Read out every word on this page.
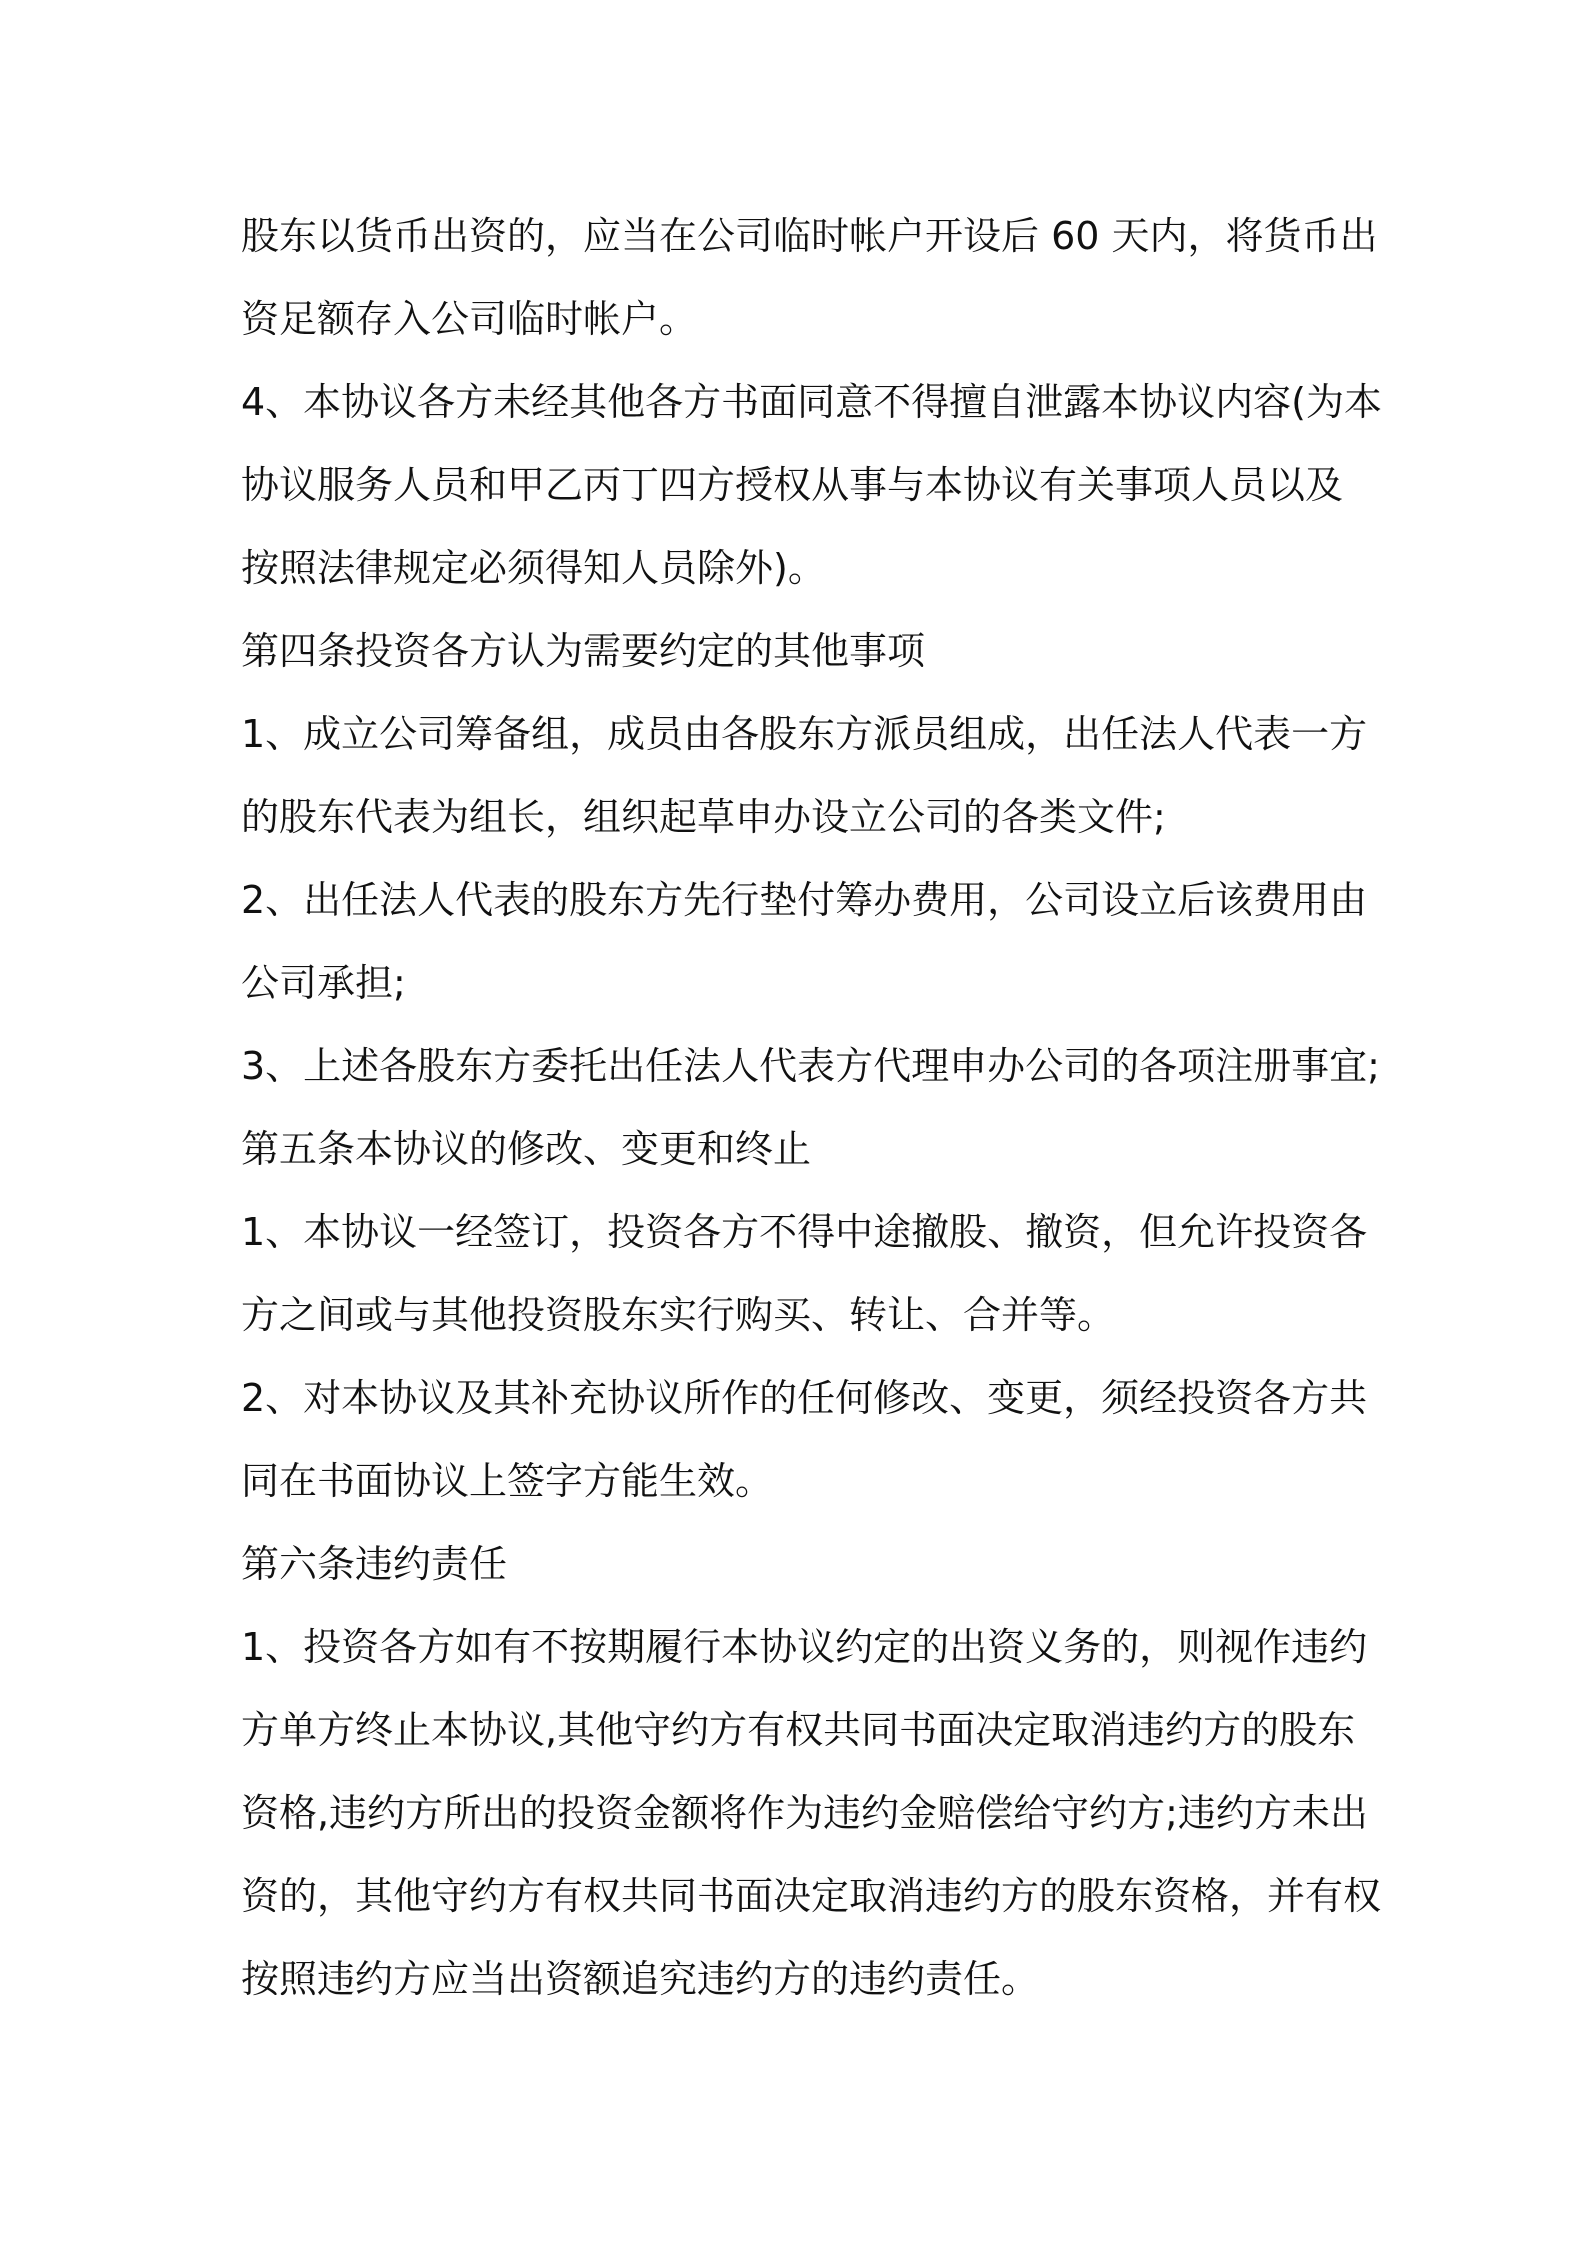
股东以货币出资的，应当在公司临时帐户开设后 60 天内，将货币出
资足额存入公司临时帐户。
4、本协议各方未经其他各方书面同意不得擅自泄露本协议内容(为本
协议服务人员和甲乙丙丁四方授权从事与本协议有关事项人员以及
按照法律规定必须得知人员除外)。
第四条投资各方认为需要约定的其他事项
1、成立公司筹备组，成员由各股东方派员组成，出任法人代表一方
的股东代表为组长，组织起草申办设立公司的各类文件;
2、出任法人代表的股东方先行垫付筹办费用，公司设立后该费用由
公司承担;
3、上述各股东方委托出任法人代表方代理申办公司的各项注册事宜;
第五条本协议的修改、变更和终止
1、本协议一经签订，投资各方不得中途撤股、撤资，但允许投资各
方之间或与其他投资股东实行购买、转让、合并等。
2、对本协议及其补充协议所作的任何修改、变更，须经投资各方共
同在书面协议上签字方能生效。
第六条违约责任
1、投资各方如有不按期履行本协议约定的出资义务的，则视作违约
方单方终止本协议,其他守约方有权共同书面决定取消违约方的股东
资格,违约方所出的投资金额将作为违约金赔偿给守约方;违约方未出
资的，其他守约方有权共同书面决定取消违约方的股东资格，并有权
按照违约方应当出资额追究违约方的违约责任。
